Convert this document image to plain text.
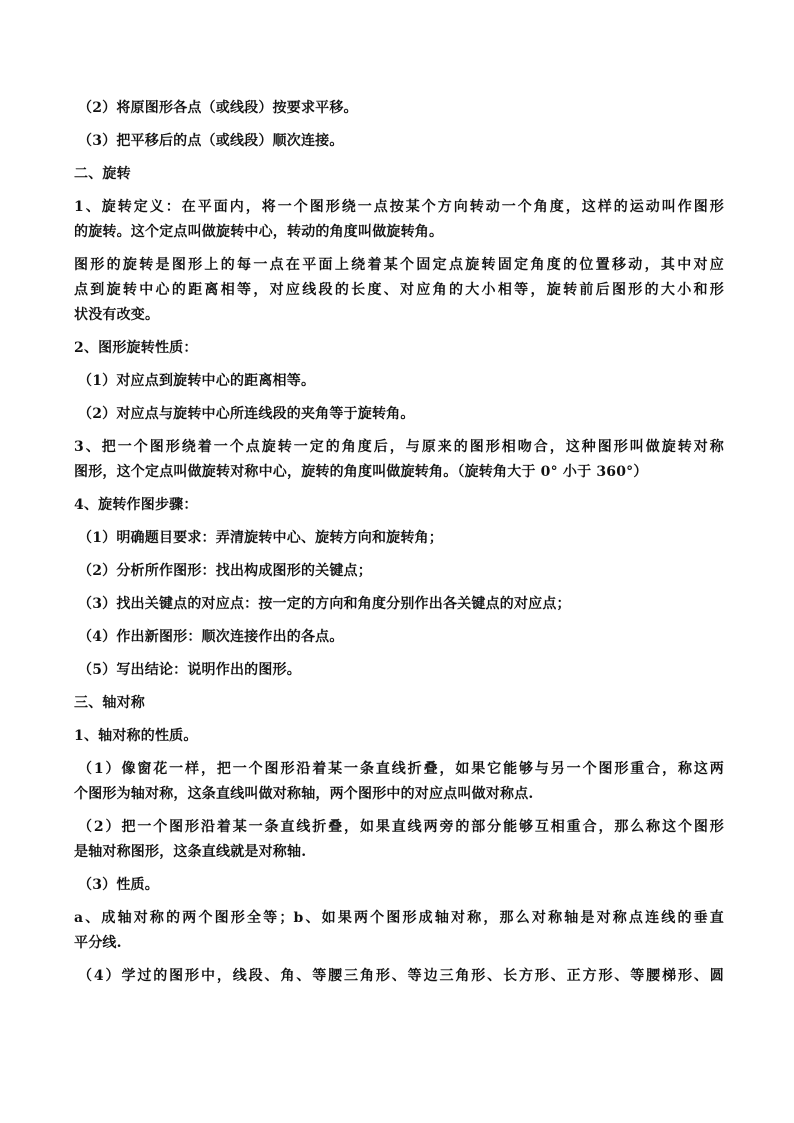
（2）将原图形各点（或线段）按要求平移。

（3）把平移后的点（或线段）顺次连接。

二、旋转

1、旋转定义：在平面内，将一个图形绕一点按某个方向转动一个角度，这样的运动叫作图形

的旋转。这个定点叫做旋转中心，转动的角度叫做旋转角。

图形的旋转是图形上的每一点在平面上绕着某个固定点旋转固定角度的位置移动，其中对应

点到旋转中心的距离相等，对应线段的长度、对应角的大小相等，旋转前后图形的大小和形

状没有改变。

2、图形旋转性质：

（1）对应点到旋转中心的距离相等。

（2）对应点与旋转中心所连线段的夹角等于旋转角。

3、把一个图形绕着一个点旋转一定的角度后，与原来的图形相吻合，这种图形叫做旋转对称

图形，这个定点叫做旋转对称中心，旋转的角度叫做旋转角。（旋转角大于 0° 小于 360°）

4、旋转作图步骤：

（1）明确题目要求：弄清旋转中心、旋转方向和旋转角；

（2）分析所作图形：找出构成图形的关键点；

（3）找出关键点的对应点：按一定的方向和角度分别作出各关键点的对应点；

（4）作出新图形：顺次连接作出的各点。

（5）写出结论：说明作出的图形。

三、轴对称

1、轴对称的性质。

（1）像窗花一样，把一个图形沿着某一条直线折叠，如果它能够与另一个图形重合，称这两

个图形为轴对称，这条直线叫做对称轴，两个图形中的对应点叫做对称点.

（2）把一个图形沿着某一条直线折叠，如果直线两旁的部分能够互相重合，那么称这个图形

是轴对称图形，这条直线就是对称轴.

（3）性质。

a、成轴对称的两个图形全等；b、如果两个图形成轴对称，那么对称轴是对称点连线的垂直

平分线.

（4）学过的图形中，线段、角、等腰三角形、等边三角形、长方形、正方形、等腰梯形、圆
